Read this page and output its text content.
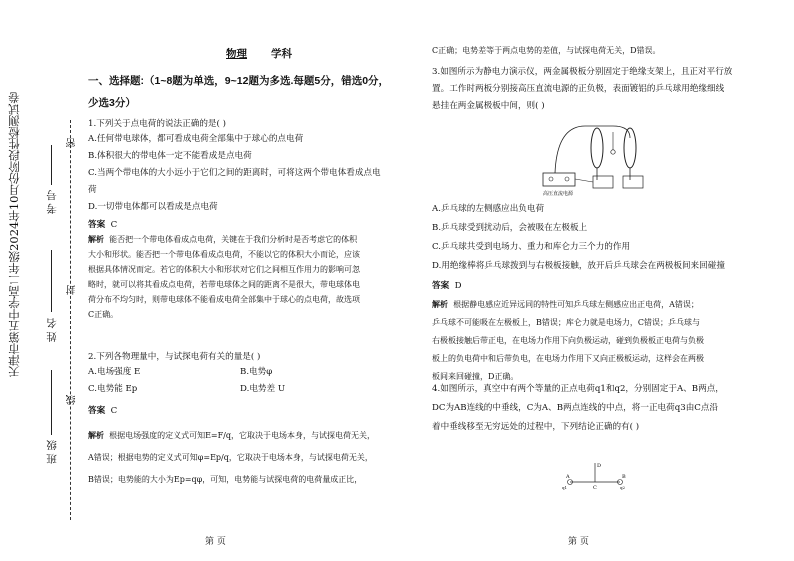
天津市第五中学高二年级2024年10月份阶段性检测试卷	密
封
线
考 号
姓 名
班 级
物理 学科
一、选择题:（1~8题为单选，9~12题为多选.每题5分，错选0分，
少选3分）
1.下列关于点电荷的说法正确的是( )
A.任何带电球体，都可看成电荷全部集中于球心的点电荷
B.体积很大的带电体一定不能看成是点电荷
C.当两个带电体的大小远小于它们之间的距离时，可将这两个带电体看成点电
荷
D.一切带电体都可以看成是点电荷
答案 C
解析 能否把一个带电体看成点电荷，关键在于我们分析时是否考虑它的体积
大小和形状。能否把一个带电体看成点电荷，不能以它的体积大小而论，应该
根据具体情况而定。若它的体积大小和形状对它们之间相互作用力的影响可忽
略时，就可以将其看成点电荷，若带电球体之间的距离不是很大，带电球体电
荷分布不均匀时，则带电球体不能看成电荷全部集中于球心的点电荷，故选项
C正确。
2.下列各物理量中，与试探电荷有关的量是( )
A.电场强度 E	B.电势φ
C.电势能 Ep	D.电势差 U
答案 C
解析 根据电场强度的定义式可知E=F/q，它取决于电场本身，与试探电荷无关，
A错误；根据电势的定义式可知φ=Ep/q，它取决于电场本身，与试探电荷无关，
B错误；电势能的大小为Ep=qφ，可知，电势能与试探电荷的电荷量成正比，
第 页
C正确；电势差等于两点电势的差值，与试探电荷无关，D错误。
3.如图所示为静电力演示仪，两金属极板分别固定于绝缘支架上，且正对平行放
置。工作时两板分别接高压直流电源的正负极，表面镀铝的乒乓球用绝缘细线
悬挂在两金属极板中间，则( )
高压直流电源
A.乒乓球的左侧感应出负电荷
B.乒乓球受到扰动后，会被吸在左极板上
C.乒乓球共受到电场力、重力和库仑力三个力的作用
D.用绝缘棒将乒乓球拨到与右极板接触，放开后乒乓球会在两极板间来回碰撞
答案 D
解析 根据静电感应近异远同的特性可知乒乓球左侧感应出正电荷，A错误；
乒乓球不可能吸在左极板上，B错误；库仑力就是电场力，C错误；乒乓球与
右极板接触后带正电，在电场力作用下向负极运动，碰到负极板正电荷与负极
板上的负电荷中和后带负电，在电场力作用下又向正极板运动，这样会在两极
板间来回碰撞，D正确。
4.如图所示，真空中有两个等量的正点电荷q1和q2，分别固定于A、B两点，
DC为AB连线的中垂线，C为A、B两点连线的中点，将一正电荷q3由C点沿
着中垂线移至无穷远处的过程中，下列结论正确的有( )
D
A
C
B
q1	q2
第 页
